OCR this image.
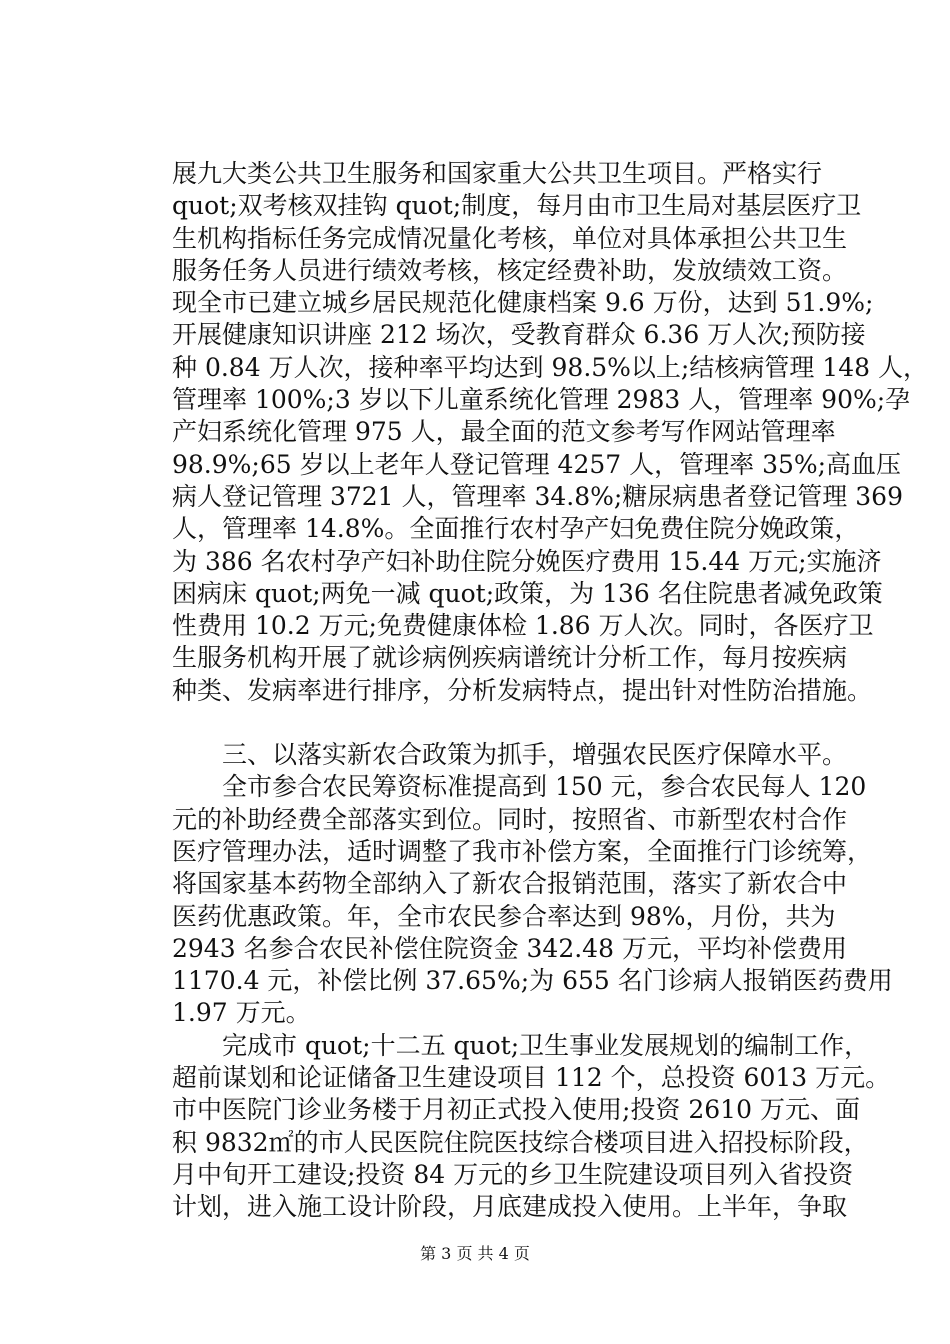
展九大类公共卫生服务和国家重大公共卫生项目。严格实行
quot;双考核双挂钩 quot;制度，每月由市卫生局对基层医疗卫
生机构指标任务完成情况量化考核，单位对具体承担公共卫生
服务任务人员进行绩效考核，核定经费补助，发放绩效工资。
现全市已建立城乡居民规范化健康档案 9.6 万份，达到 51.9%;
开展健康知识讲座 212 场次，受教育群众 6.36 万人次;预防接
种 0.84 万人次，接种率平均达到 98.5%以上;结核病管理 148 人，
管理率 100%;3 岁以下儿童系统化管理 2983 人，管理率 90%;孕
产妇系统化管理 975 人，最全面的范文参考写作网站管理率
98.9%;65 岁以上老年人登记管理 4257 人，管理率 35%;高血压
病人登记管理 3721 人，管理率 34.8%;糖尿病患者登记管理 369
人，管理率 14.8%。全面推行农村孕产妇免费住院分娩政策，
为 386 名农村孕产妇补助住院分娩医疗费用 15.44 万元;实施济
困病床 quot;两免一减 quot;政策，为 136 名住院患者减免政策
性费用 10.2 万元;免费健康体检 1.86 万人次。同时，各医疗卫
生服务机构开展了就诊病例疾病谱统计分析工作，每月按疾病
种类、发病率进行排序，分析发病特点，提出针对性防治措施。
　　三、以落实新农合政策为抓手，增强农民医疗保障水平。
　　全市参合农民筹资标准提高到 150 元，参合农民每人 120
元的补助经费全部落实到位。同时，按照省、市新型农村合作
医疗管理办法，适时调整了我市补偿方案，全面推行门诊统筹，
将国家基本药物全部纳入了新农合报销范围，落实了新农合中
医药优惠政策。年，全市农民参合率达到 98%，月份，共为
2943 名参合农民补偿住院资金 342.48 万元，平均补偿费用
1170.4 元，补偿比例 37.65%;为 655 名门诊病人报销医药费用
1.97 万元。
　　完成市 quot;十二五 quot;卫生事业发展规划的编制工作，
超前谋划和论证储备卫生建设项目 112 个，总投资 6013 万元。
市中医院门诊业务楼于月初正式投入使用;投资 2610 万元、面
积 9832㎡的市人民医院住院医技综合楼项目进入招投标阶段，
月中旬开工建设;投资 84 万元的乡卫生院建设项目列入省投资
计划，进入施工设计阶段，月底建成投入使用。上半年，争取
第 3 页 共 4 页
